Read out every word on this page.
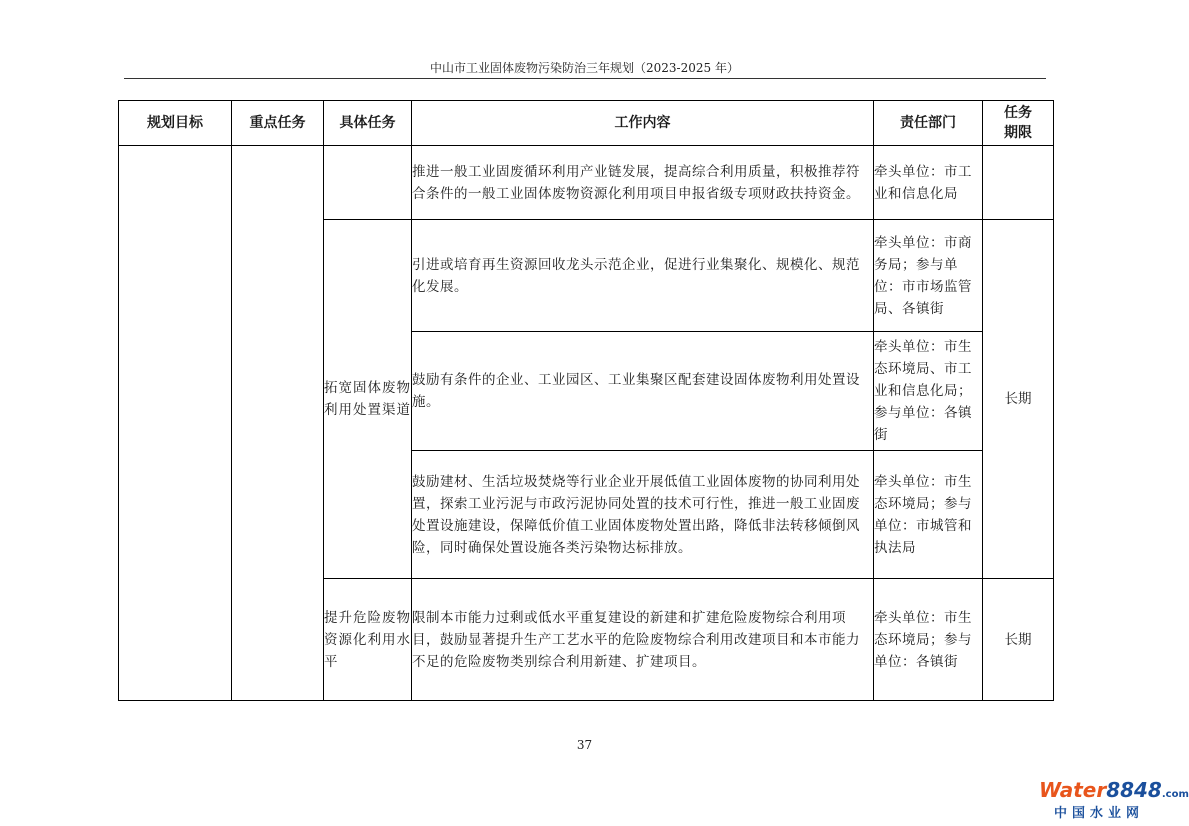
中山市工业固体废物污染防治三年规划（2023-2025 年）
规划目标	重点任务	具体任务	工作内容	责任部门	任务
期限
			推进一般工业固废循环利用产业链发展，提高综合利用质量，积极推荐符合条件的一般工业固体废物资源化利用项目申报省级专项财政扶持资金。	牵头单位：市工业和信息化局	
		拓宽固体废物利用处置渠道	引进或培育再生资源回收龙头示范企业，促进行业集聚化、规模化、规范化发展。	牵头单位：市商务局；参与单位：市市场监管局、各镇街	长期
			鼓励有条件的企业、工业园区、工业集聚区配套建设固体废物利用处置设施。	牵头单位：市生态环境局、市工业和信息化局；参与单位：各镇街	
			鼓励建材、生活垃圾焚烧等行业企业开展低值工业固体废物的协同利用处置，探索工业污泥与市政污泥协同处置的技术可行性，推进一般工业固废处置设施建设，保障低价值工业固体废物处置出路，降低非法转移倾倒风险，同时确保处置设施各类污染物达标排放。	牵头单位：市生态环境局；参与单位：市城管和执法局	
		提升危险废物资源化利用水平	限制本市能力过剩或低水平重复建设的新建和扩建危险废物综合利用项目，鼓励显著提升生产工艺水平的危险废物综合利用改建项目和本市能力不足的危险废物类别综合利用新建、扩建项目。	牵头单位：市生态环境局；参与单位：各镇街	长期
37
Water8848.com
中国水业网
